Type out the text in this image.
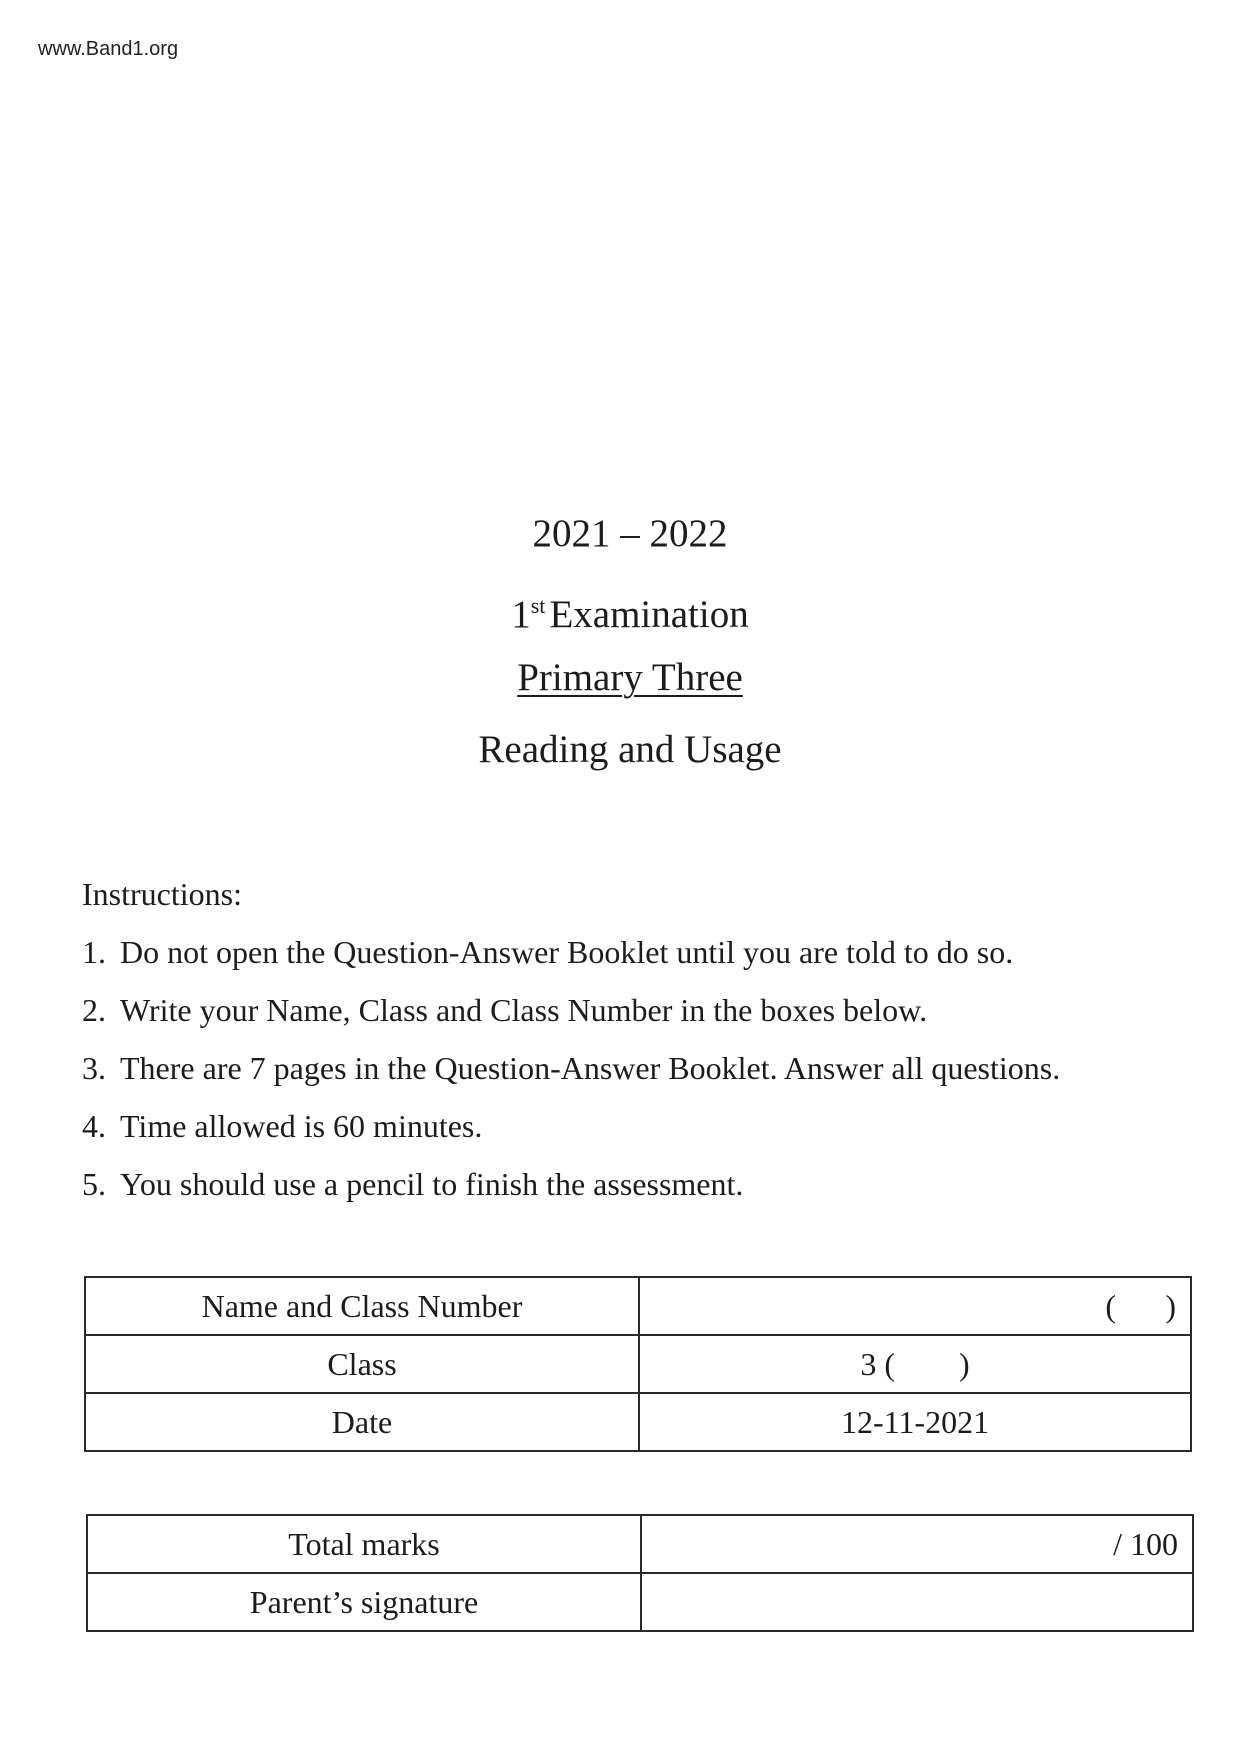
www.Band1.org
2021 – 2022
1st Examination
Primary Three
Reading and Usage
Instructions:
1. Do not open the Question-Answer Booklet until you are told to do so.
2. Write your Name, Class and Class Number in the boxes below.
3. There are 7 pages in the Question-Answer Booklet. Answer all questions.
4. Time allowed is 60 minutes.
5. You should use a pencil to finish the assessment.
Name and Class Number	( )

Class	3 (        )
Date	12-11-2021
Total marks	/ 100

Parent’s signature	
